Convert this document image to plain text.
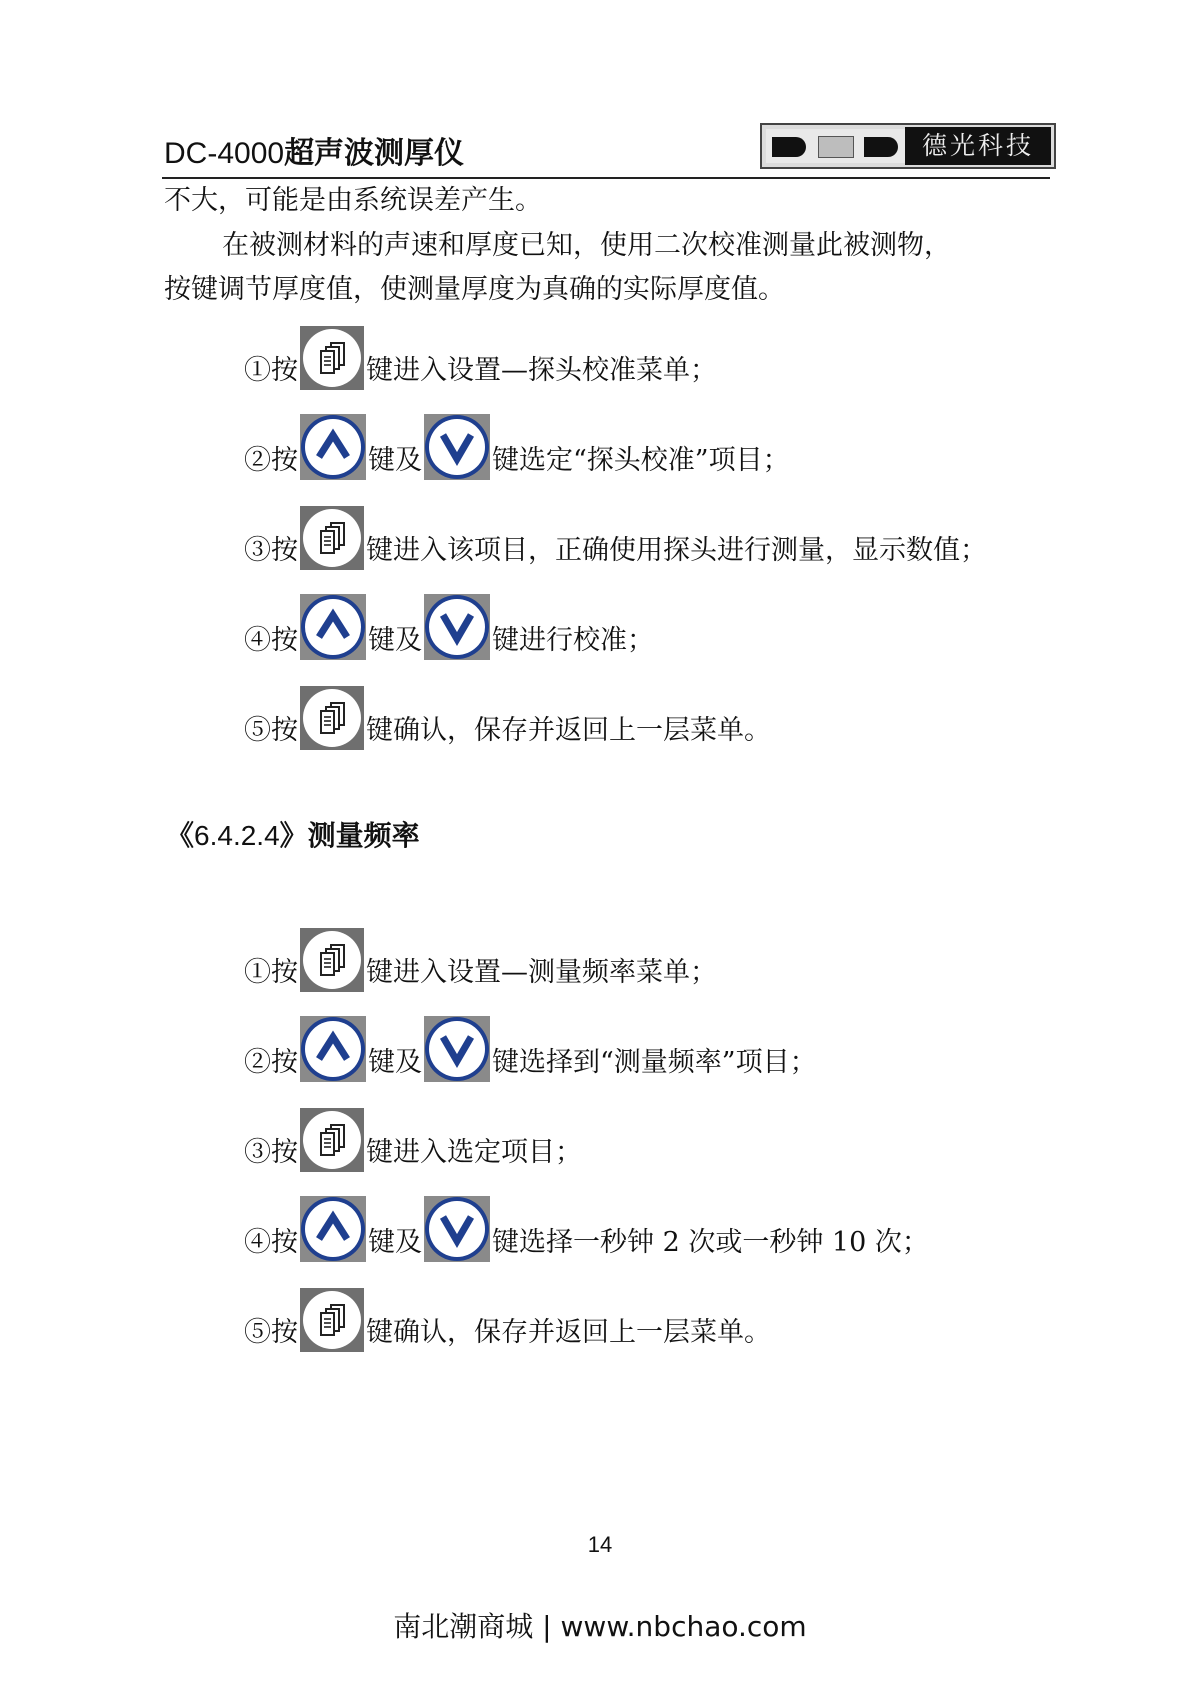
DC-4000超声波测厚仪	德光科技
不大，可能是由系统误差产生。
在被测材料的声速和厚度已知，使用二次校准测量此被测物，
按键调节厚度值，使测量厚度为真确的实际厚度值。
①按	键进入设置—探头校准菜单；
②按	键及	键选定“探头校准”项目；
③按	键进入该项目，正确使用探头进行测量，显示数值；
④按	键及	键进行校准；
⑤按	键确认，保存并返回上一层菜单。
《6.4.2.4》测量频率
①按	键进入设置—测量频率菜单；
②按	键及	键选择到“测量频率”项目；
③按	键进入选定项目；
④按	键及	键选择一秒钟 2 次或一秒钟 10 次；
⑤按	键确认，保存并返回上一层菜单。
14
南北潮商城 | www.nbchao.com
